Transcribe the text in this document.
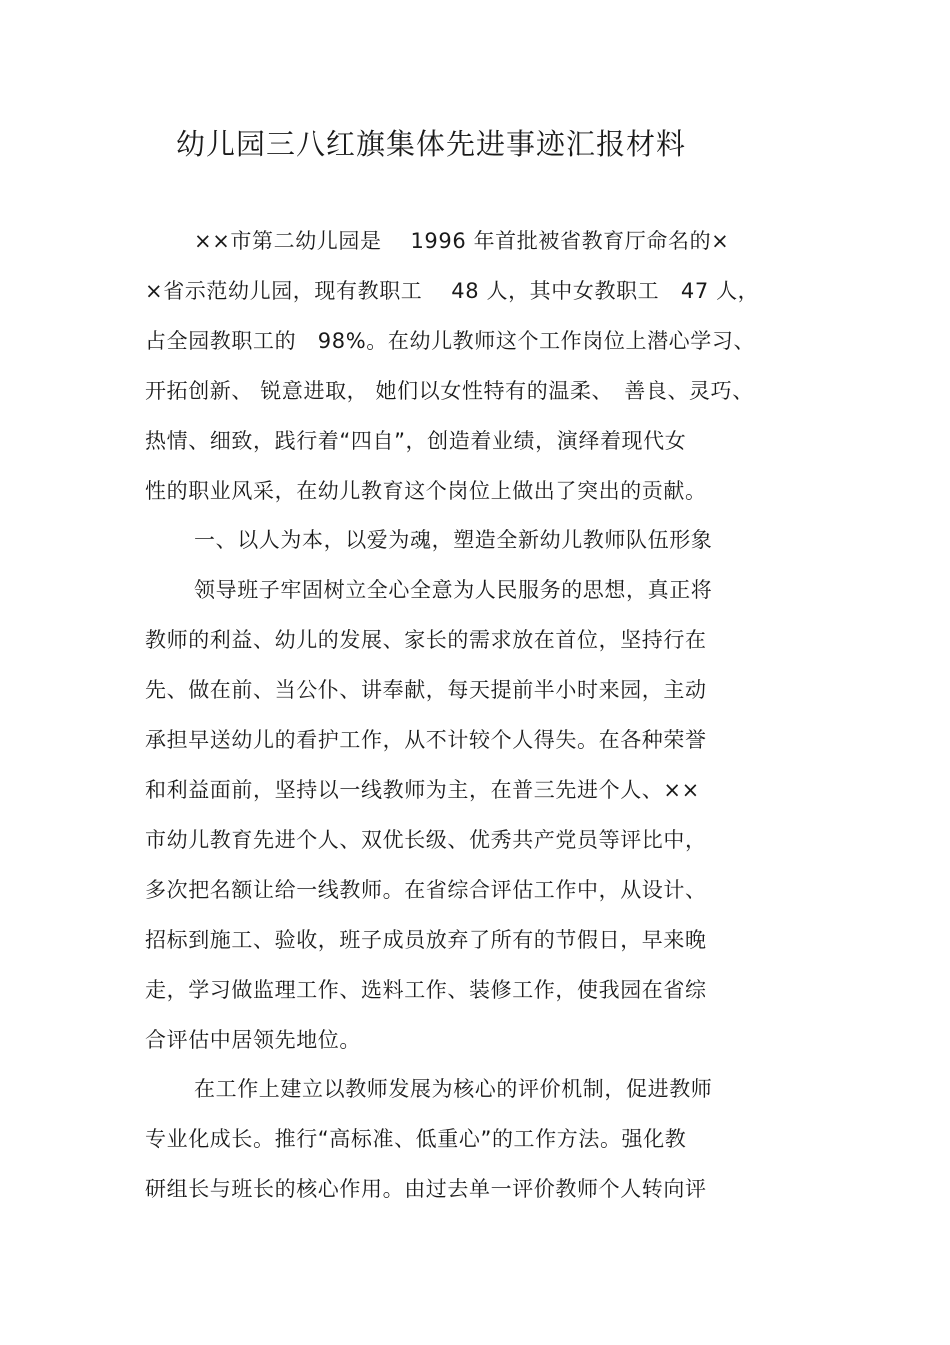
幼儿园三八红旗集体先进事迹汇报材料
××市第二幼儿园是　 1996 年首批被省教育厅命名的×
×省示范幼儿园，现有教职工　 48 人，其中女教职工　47 人，
占全园教职工的　98%。在幼儿教师这个工作岗位上潜心学习、
开拓创新、 锐意进取， 她们以女性特有的温柔、　善良、灵巧、
热情、细致，践行着“四自”，创造着业绩，演绎着现代女
性的职业风采，在幼儿教育这个岗位上做出了突出的贡献。
一、以人为本，以爱为魂，塑造全新幼儿教师队伍形象
领导班子牢固树立全心全意为人民服务的思想，真正将
教师的利益、幼儿的发展、家长的需求放在首位，坚持行在
先、做在前、当公仆、讲奉献，每天提前半小时来园，主动
承担早送幼儿的看护工作，从不计较个人得失。在各种荣誉
和利益面前，坚持以一线教师为主，在普三先进个人、××
市幼儿教育先进个人、双优长级、优秀共产党员等评比中，
多次把名额让给一线教师。在省综合评估工作中，从设计、
招标到施工、验收，班子成员放弃了所有的节假日，早来晚
走，学习做监理工作、选料工作、装修工作，使我园在省综
合评估中居领先地位。
在工作上建立以教师发展为核心的评价机制，促进教师
专业化成长。推行“高标准、低重心”的工作方法。强化教
研组长与班长的核心作用。由过去单一评价教师个人转向评
